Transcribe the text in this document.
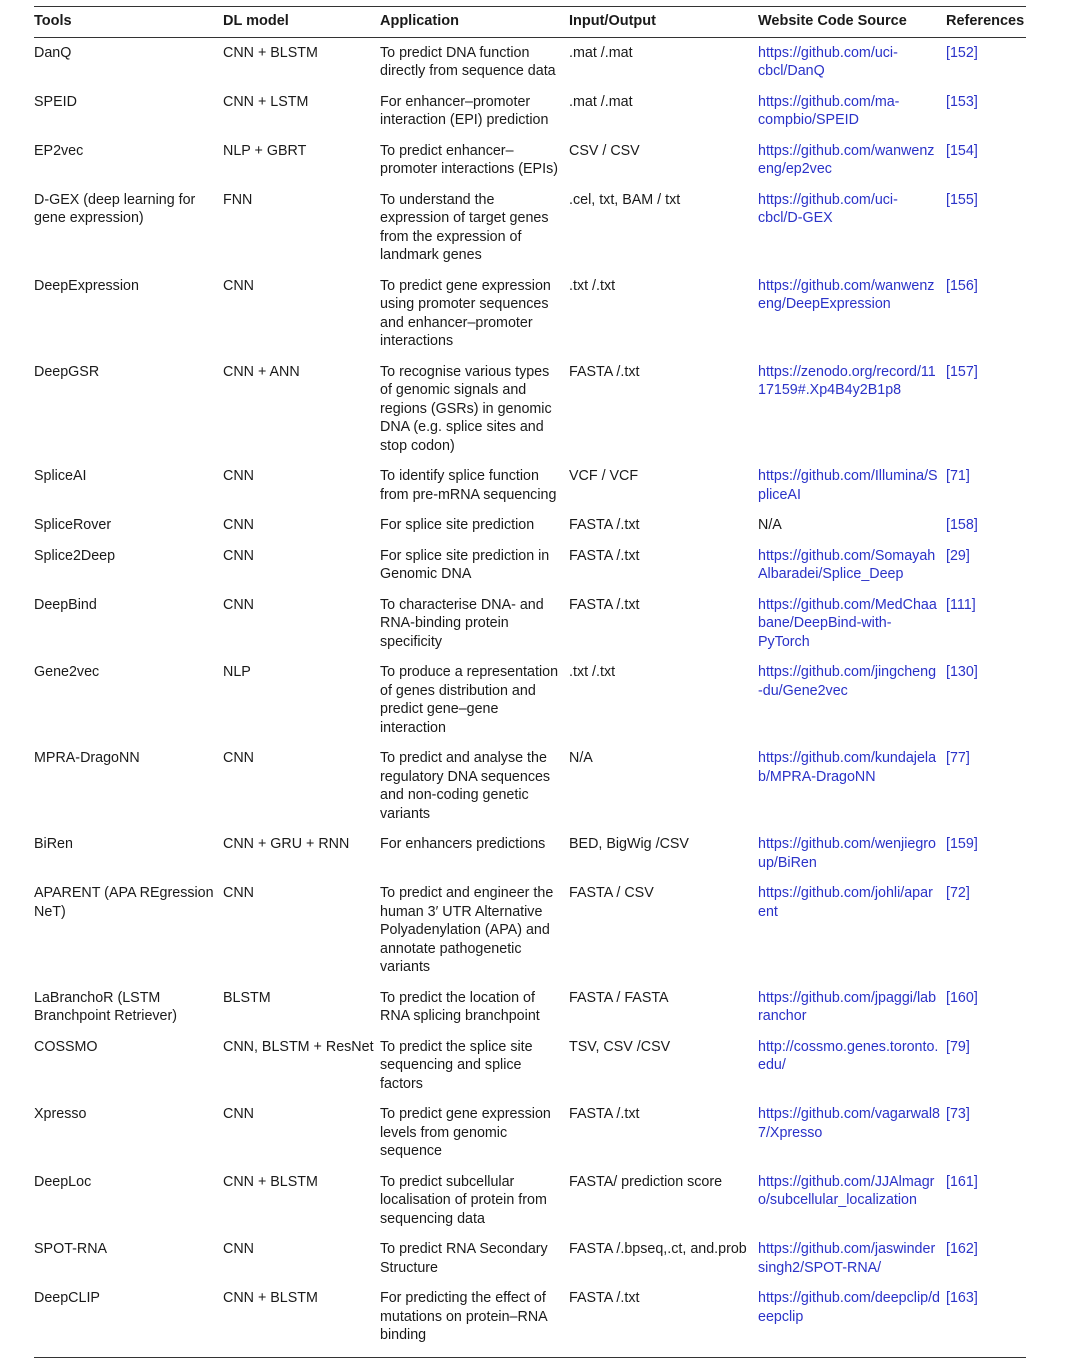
Tools	DL model	Application	Input/Output	Website Code Source	References
DanQ	CNN + BLSTM	To predict DNA function directly from sequence data	.mat /.mat	https://github.com/uci-cbcl/DanQ	[152]
SPEID	CNN + LSTM	For enhancer–promoter interaction (EPI) prediction	.mat /.mat	https://github.com/ma-compbio/SPEID	[153]
EP2vec	NLP + GBRT	To predict enhancer–promoter interactions (EPIs)	CSV / CSV	https://github.com/wanwenzeng/ep2vec	[154]
D-GEX (deep learning for gene expression)	FNN	To understand the expression of target genes from the expression of landmark genes	.cel, txt, BAM / txt	https://github.com/uci-cbcl/D-GEX	[155]
DeepExpression	CNN	To predict gene expression using promoter sequences and enhancer–promoter interactions	.txt /.txt	https://github.com/wanwenzeng/DeepExpression	[156]
DeepGSR	CNN + ANN	To recognise various types of genomic signals and regions (GSRs) in genomic DNA (e.g. splice sites and stop codon)	FASTA /.txt	https://zenodo.org/record/1117159#.Xp4B4y2B1p8	[157]
SpliceAI	CNN	To identify splice function from pre-mRNA sequencing	VCF / VCF	https://github.com/Illumina/SpliceAI	[71]
SpliceRover	CNN	For splice site prediction	FASTA /.txt	N/A	[158]
Splice2Deep	CNN	For splice site prediction in Genomic DNA	FASTA /.txt	https://github.com/SomayahAlbaradei/Splice_Deep	[29]
DeepBind	CNN	To characterise DNA- and RNA-binding protein specificity	FASTA /.txt	https://github.com/MedChaabane/DeepBind-with-PyTorch	[111]
Gene2vec	NLP	To produce a representation of genes distribution and predict gene–gene interaction	.txt /.txt	https://github.com/jingcheng-du/Gene2vec	[130]
MPRA-DragoNN	CNN	To predict and analyse the regulatory DNA sequences and non-coding genetic variants	N/A	https://github.com/kundajelab/MPRA-DragoNN	[77]
BiRen	CNN + GRU + RNN	For enhancers predictions	BED, BigWig /CSV	https://github.com/wenjiegroup/BiRen	[159]
APARENT (APA REgression NeT)	CNN	To predict and engineer the human 3′ UTR Alternative Polyadenylation (APA) and annotate pathogenetic variants	FASTA / CSV	https://github.com/johli/aparent	[72]
LaBranchoR (LSTM Branchpoint Retriever)	BLSTM	To predict the location of RNA splicing branchpoint	FASTA / FASTA	https://github.com/jpaggi/labranchor	[160]
COSSMO	CNN, BLSTM + ResNet	To predict the splice site sequencing and splice factors	TSV, CSV /CSV	http://cossmo.genes.toronto.edu/	[79]
Xpresso	CNN	To predict gene expression levels from genomic sequence	FASTA /.txt	https://github.com/vagarwal87/Xpresso	[73]
DeepLoc	CNN + BLSTM	To predict subcellular localisation of protein from sequencing data	FASTA/ prediction score	https://github.com/JJAlmagro/subcellular_localization	[161]
SPOT-RNA	CNN	To predict RNA Secondary Structure	FASTA /.bpseq,.ct, and.prob	https://github.com/jaswindersingh2/SPOT-RNA/	[162]
DeepCLIP	CNN + BLSTM	For predicting the effect of mutations on protein–RNA binding	FASTA /.txt	https://github.com/deepclip/deepclip	[163]
